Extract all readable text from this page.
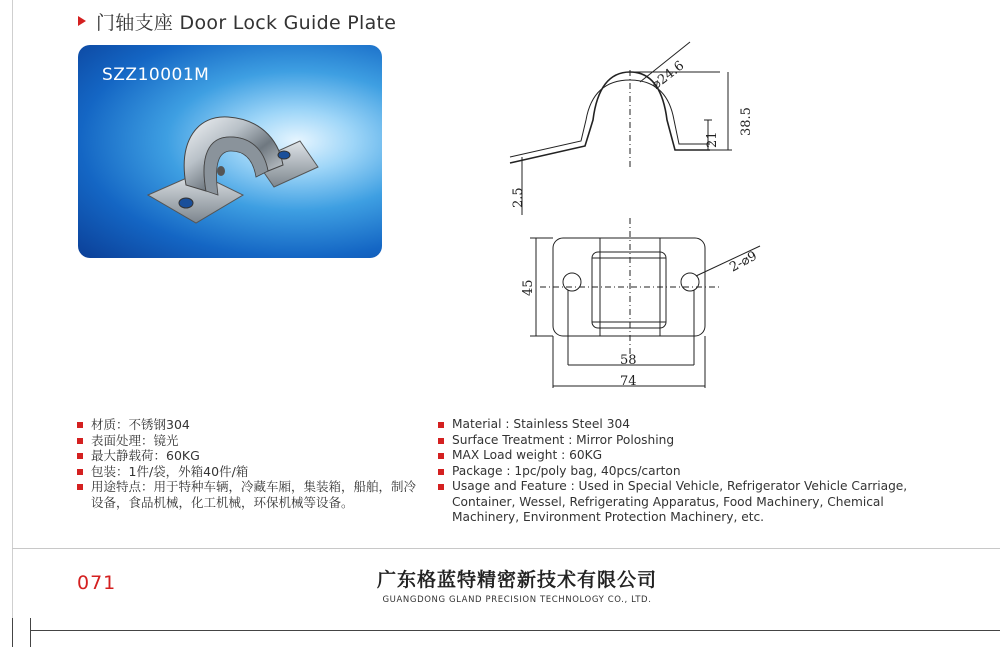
门轴支座 Door Lock Guide Plate
SZZ10001M	⌀24.6
38.5
21
2.5
2-⌀9
45
58
74
材质：不锈钢304
表面处理：镜光
最大静载荷：60KG
包装：1件/袋，外箱40件/箱
用途特点：用于特种车辆，冷藏车厢，集装箱，船舶，制冷设备，食品机械，化工机械，环保机械等设备。
Material : Stainless Steel 304
Surface Treatment : Mirror Poloshing
MAX Load weight : 60KG
Package : 1pc/poly bag, 40pcs/carton
Usage and Feature : Used in Special Vehicle, Refrigerator Vehicle Carriage, Container, Wessel, Refrigerating Apparatus, Food Machinery, Chemical Machinery, Environment Protection Machinery, etc.
071	广东格蓝特精密新技术有限公司
GUANGDONG GLAND PRECISION TECHNOLOGY CO., LTD.
